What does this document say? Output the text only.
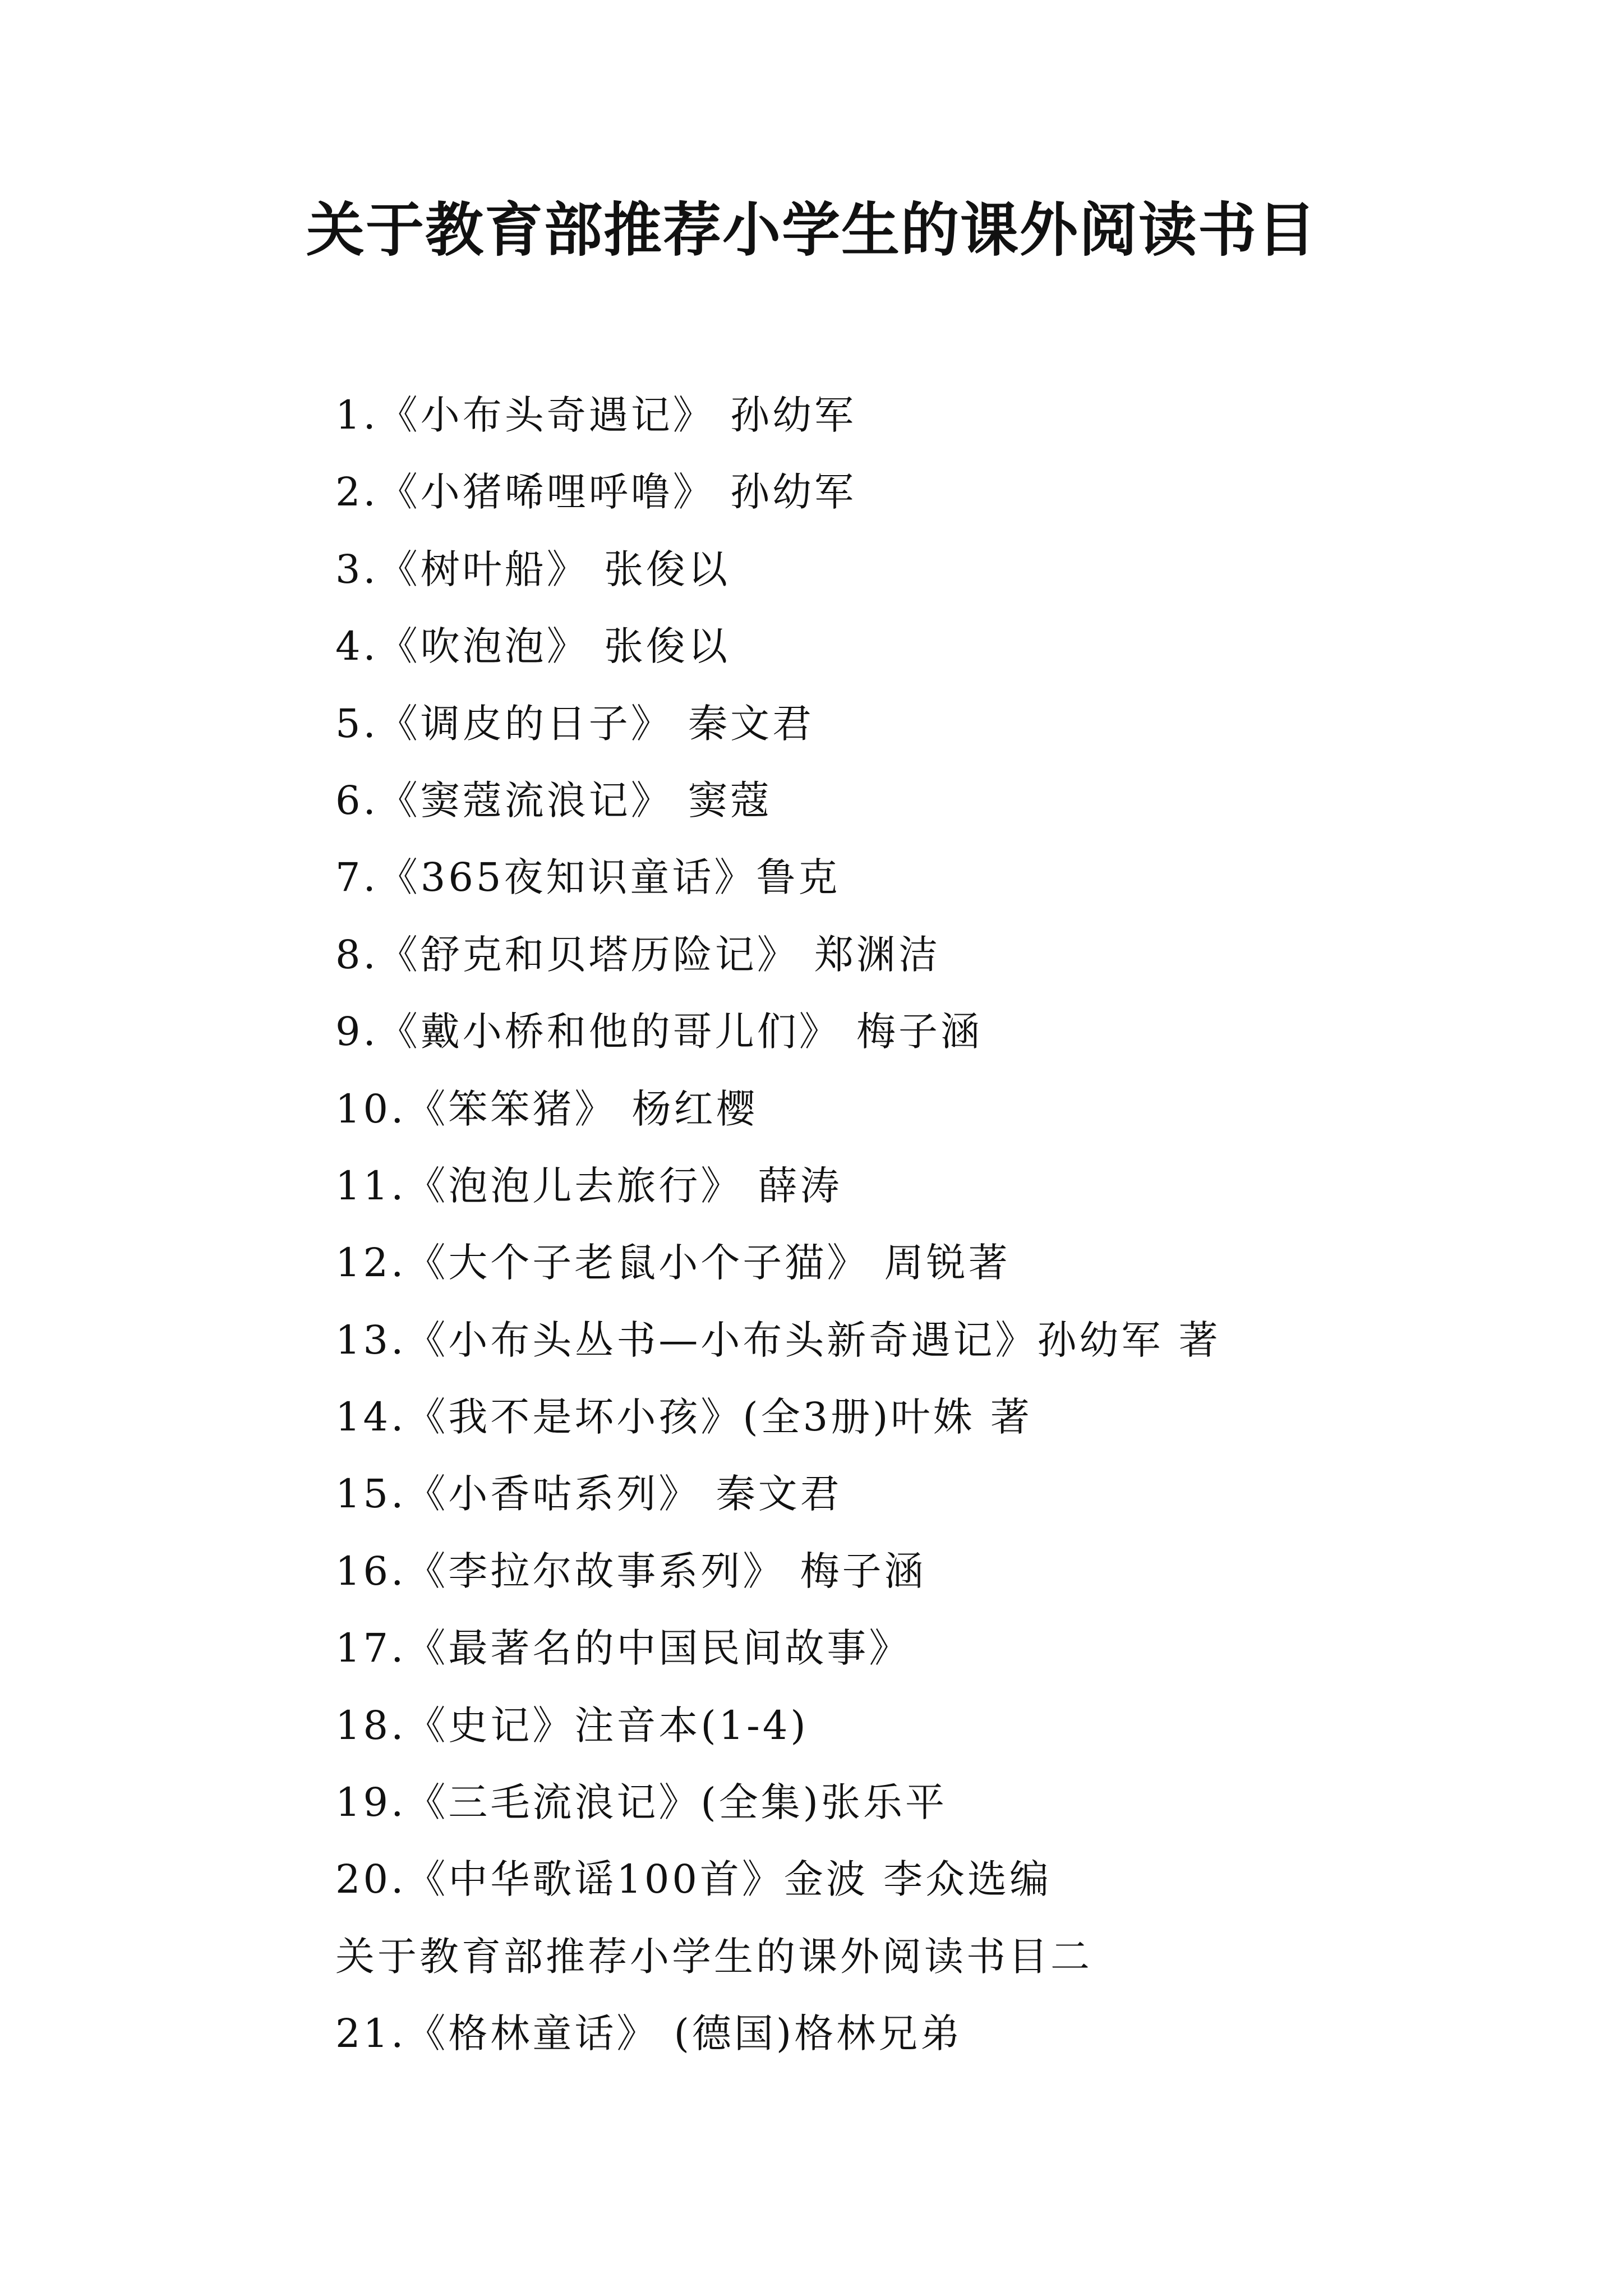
关于教育部推荐小学生的课外阅读书目
1.《小布头奇遇记》 孙幼军
2.《小猪唏哩呼噜》 孙幼军
3.《树叶船》 张俊以
4.《吹泡泡》 张俊以
5.《调皮的日子》 秦文君
6.《窦蔻流浪记》 窦蔻
7.《365夜知识童话》鲁克
8.《舒克和贝塔历险记》 郑渊洁
9.《戴小桥和他的哥儿们》 梅子涵
10.《笨笨猪》 杨红樱
11.《泡泡儿去旅行》 薛涛
12.《大个子老鼠小个子猫》 周锐著
13.《小布头丛书—小布头新奇遇记》孙幼军 著
14.《我不是坏小孩》(全3册)叶姝 著
15.《小香咕系列》 秦文君
16.《李拉尔故事系列》 梅子涵
17.《最著名的中国民间故事》
18.《史记》注音本(1-4)
19.《三毛流浪记》(全集)张乐平
20.《中华歌谣100首》金波 李众选编
关于教育部推荐小学生的课外阅读书目二
21.《格林童话》 (德国)格林兄弟
